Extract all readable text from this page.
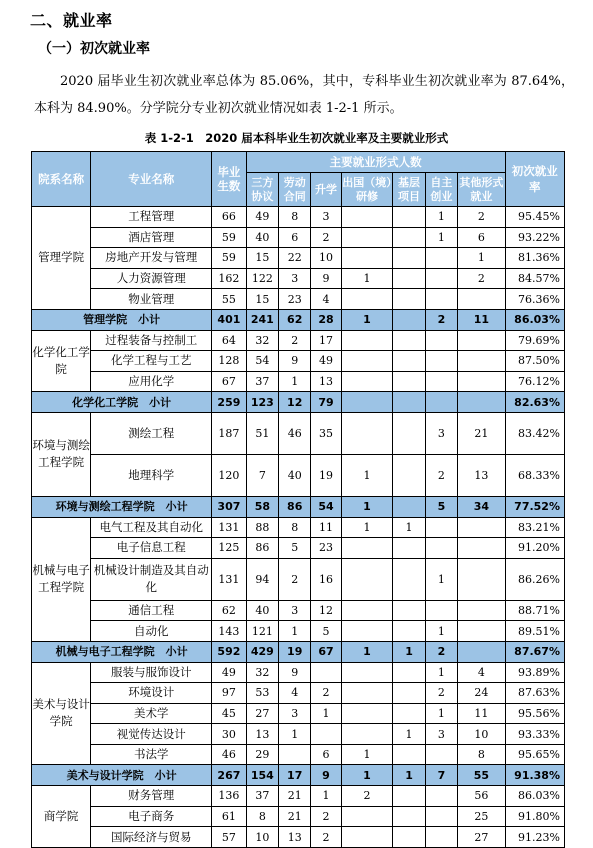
二、就业率
（一）初次就业率

2020 届毕业生初次就业率总体为 85.06%，其中，专科毕业生初次就业率为 87.64%，本科为 84.90%。分学院分专业初次就业情况如表 1-2-1 所示。

表 1-2-1　2020 届本科毕业生初次就业率及主要就业形式
院系名称	专业名称	毕业生数	主要就业形式人数							初次就业率
			三方协议	劳动合同	升学	出国（境）研修	基层项目	自主创业	其他形式就业	
管理学院	工程管理	66	49	8	3			1	2	95.45%
	酒店管理	59	40	6	2			1	6	93.22%
	房地产开发与管理	59	15	22	10				1	81.36%
	人力资源管理	162	122	3	9	1			2	84.57%
	物业管理	55	15	23	4					76.36%
管理学院　小计		401	241	62	28	1		2	11	86.03%
化学化工学院	过程装备与控制工	64	32	2	17					79.69%
	化学工程与工艺	128	54	9	49					87.50%
	应用化学	67	37	1	13					76.12%
化学化工学院　小计		259	123	12	79					82.63%
环境与测绘工程学院	测绘工程	187	51	46	35			3	21	83.42%
	地理科学	120	7	40	19	1		2	13	68.33%
环境与测绘工程学院　小计		307	58	86	54	1		5	34	77.52%
机械与电子工程学院	电气工程及其自动化	131	88	8	11	1	1			83.21%
	电子信息工程	125	86	5	23					91.20%
	机械设计制造及其自动化	131	94	2	16			1		86.26%
	通信工程	62	40	3	12					88.71%
	自动化	143	121	1	5			1		89.51%
机械与电子工程学院　小计		592	429	19	67	1	1	2		87.67%
美术与设计学院	服装与服饰设计	49	32	9				1	4	93.89%
	环境设计	97	53	4	2			2	24	87.63%
	美术学	45	27	3	1			1	11	95.56%
	视觉传达设计	30	13	1			1	3	10	93.33%
	书法学	46	29		6	1			8	95.65%
美术与设计学院　小计		267	154	17	9	1	1	7	55	91.38%
商学院	财务管理	136	37	21	1	2			56	86.03%
	电子商务	61	8	21	2				25	91.80%
	国际经济与贸易	57	10	13	2				27	91.23%
